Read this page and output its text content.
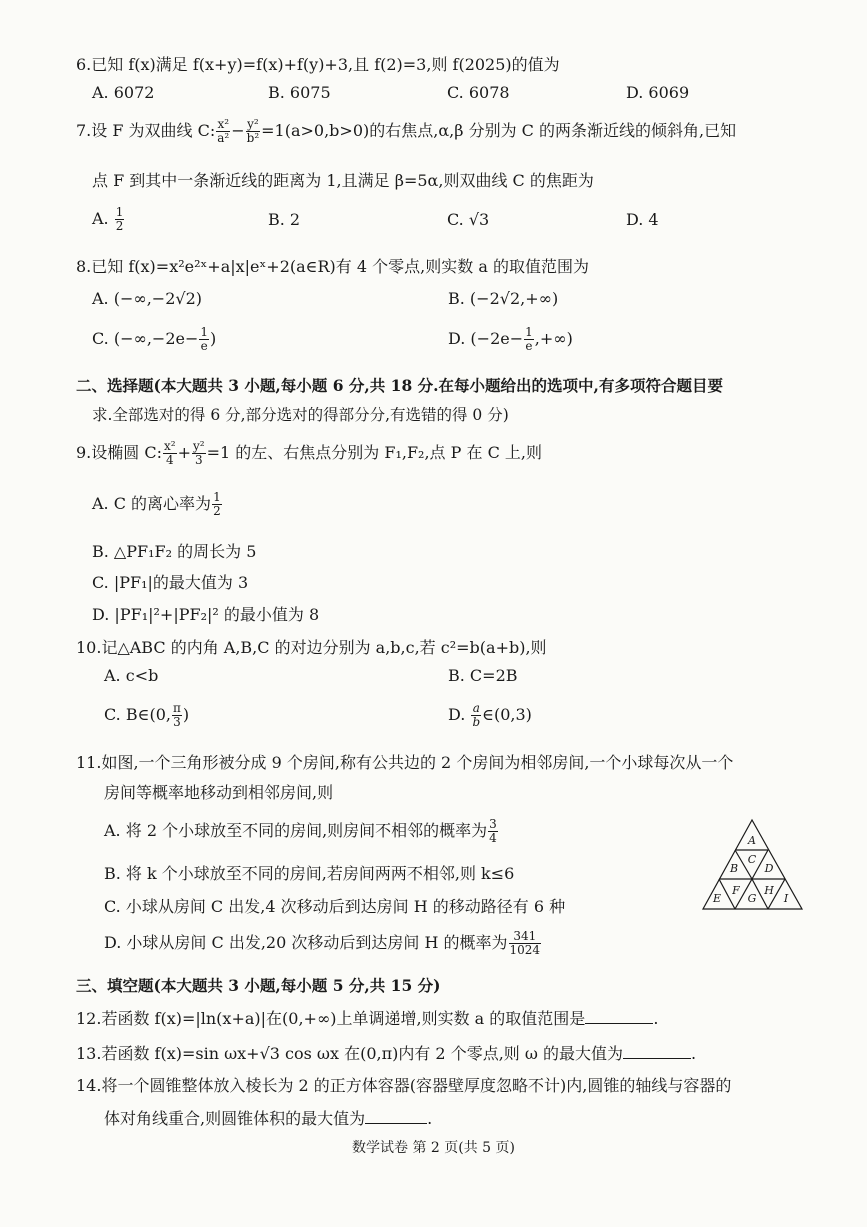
6.已知 f(x)满足 f(x+y)=f(x)+f(y)+3,且 f(2)=3,则 f(2025)的值为
A. 6072	B. 6075	C. 6078	D. 6069
7.设 F 为双曲线 C: $\frac{\text{x²}}{\text{a²}} - \frac{\text{y²}}{\text{b²}} =1(a>0,b>0)$的右焦点,α,β 分别为 C 的两条渐近线的倾斜角,已知
点 F 到其中一条渐近线的距离为 1,且满足 β=5α,则双曲线 C 的焦距为
A. $\frac{1}{2}$	B. 2	C. √3	D. 4
8.已知 f(x)=x²e²ˣ+a|x|eˣ+2(a∈R)有 4 个零点,则实数 a 的取值范围为
A. (−∞,−2√2)	B. (−2√2,+∞)
C. ($-\infty,-2e- \frac{1}{e}$ )	D. ($-2e- \frac{1}{e}$ ,+∞)
二、选择题(本大题共 3 小题,每小题 6 分,共 18 分.在每小题给出的选项中,有多项符合题目要
求.全部选对的得 6 分,部分选对的得部分分,有选错的得 0 分)
9.设椭圆 C: $\frac{\text{x²}}{4} + \frac{\text{y²}}{3} =1$ 的左、右焦点分别为 F₁,F₂,点 P 在 C 上,则
A. C 的离心率为 $\frac{1}{2}$
B. △PF₁F₂ 的周长为 5
C. |PF₁|的最大值为 3
D. |PF₁|²+|PF₂|² 的最小值为 8
10.记△ABC 的内角 A,B,C 的对边分别为 a,b,c,若 c²=b(a+b),则
A. c<b	B. C=2B
C. B∈(0, $\frac{\pi}{3}$ )	D. $\frac{a}{b}$ ∈(0,3)
11.如图,一个三角形被分成 9 个房间,称有公共边的 2 个房间为相邻房间,一个小球每次从一个
房间等概率地移动到相邻房间,则
A. 将 2 个小球放至不同的房间,则房间不相邻的概率为 $\frac{3}{4}$
B. 将 k 个小球放至不同的房间,若房间两两不相邻,则 k≤6
C. 小球从房间 C 出发,4 次移动后到达房间 H 的移动路径有 6 种
D. 小球从房间 C 出发,20 次移动后到达房间 H 的概率为 $\frac{341}{1024}$
A
B
C
D
E
F
G
H
I
三、填空题(本大题共 3 小题,每小题 5 分,共 15 分)
12.若函数 f(x)=|ln(x+a)|在(0,+∞)上单调递增,则实数 a 的取值范围是	.
13.若函数 f(x)=sin ωx+√3 cos ωx 在(0,π)内有 2 个零点,则 ω 的最大值为	.
14.将一个圆锥整体放入棱长为 2 的正方体容器(容器壁厚度忽略不计)内,圆锥的轴线与容器的
体对角线重合,则圆锥体积的最大值为	.
数学试卷 第 2 页(共 5 页)
